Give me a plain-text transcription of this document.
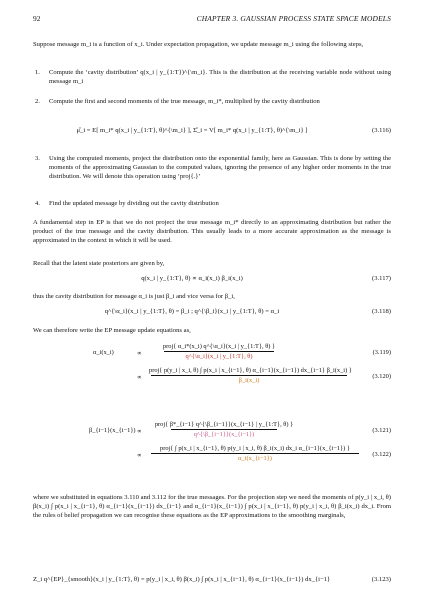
92	CHAPTER 3. GAUSSIAN PROCESS STATE SPACE MODELS
Suppose message m_i is a function of x_i. Under expectation propagation, we update message m_i using the following steps,
1.	Compute the ‘cavity distribution’ q(x_i | y_{1:T})^{\m_i}. This is the distribution at the receiving variable node without using message m_i
2.	Compute the first and second moments of the true message, m_i*, multiplied by the cavity distribution
μ̂_i = E[ m_i* q(x_i | y_{1:T}, θ)^{\m_i} ], Σ̂_i = V[ m_i* q(x_i | y_{1:T}, θ)^{\m_i} ]	(3.116)
3.	Using the computed moments, project the distribution onto the exponential family, here as Gaussian. This is done by setting the moments of the approximating Gaussian to the computed values, ignoring the presence of any higher order moments in the true distribution. We will denote this operation using ‘proj{.}’
4.	Find the updated message by dividing out the cavity distribution
A fundamental step in EP is that we do not project the true message m_i* directly to an approximating distribution but rather the product of the true message and the cavity distribution. This usually leads to a more accurate approximation as the message is approximated in the context in which it will be used.
Recall that the latent state posteriors are given by,
q(x_i | y_{1:T}, θ) ∝ α_i(x_i) β_i(x_i)	(3.117)
thus the cavity distribution for message α_i is just β_i and vice versa for β_i,
q^{\α_i}(x_i | y_{1:T}, θ) = β_i ; q^{\β_i}(x_i | y_{1:T}, θ) = α_i	(3.118)
We can therefore write the EP message update equations as,
α_i(x_i)	∝
proj{ α_i*(x_i) q^{\α_i}(x_i | y_{1:T}, θ) }
q^{\α_i}(x_i | y_{1:T}, θ)
(3.119)
∝
proj{ p(y_i | x_i, θ) ∫ p(x_i | x_{i−1}, θ) α_{i−1}(x_{i−1}) dx_{i−1} β_i(x_i) }
β_i(x_i)
(3.120)
β_{i−1}(x_{i−1}) ∝
proj{ β*_{i−1} q^{\β_{i−1}}(x_{i−1} | y_{1:T}, θ) }
q^{\β_{i−1}}(x_{i−1})
(3.121)
∝
proj{ ∫ p(x_i | x_{i−1}, θ) p(y_i | x_i, θ) β_i(x_i) dx_i α_{i−1}(x_{i−1}) }
α_i(x_{i−1})
(3.122)
where we substituted in equations 3.110 and 3.112 for the true messages. For the projection step we need the moments of p(y_i | x_i, θ) β(x_i) ∫ p(x_i | x_{i−1}, θ) α_{i−1}(x_{i−1}) dx_{i−1} and α_{i−1}(x_{i−1}) ∫ p(x_i | x_{i−1}, θ) p(y_i | x_i, θ) β_i(x_i) dx_i. From the rules of belief propagation we can recognise these equations as the EP approximations to the smoothing marginals,
Z_i q^{EP}_{smooth}(x_i | y_{1:T}, θ) = p(y_i | x_i, θ) β(x_i) ∫ p(x_i | x_{i−1}, θ) α_{i−1}(x_{i−1}) dx_{i−1}	(3.123)
